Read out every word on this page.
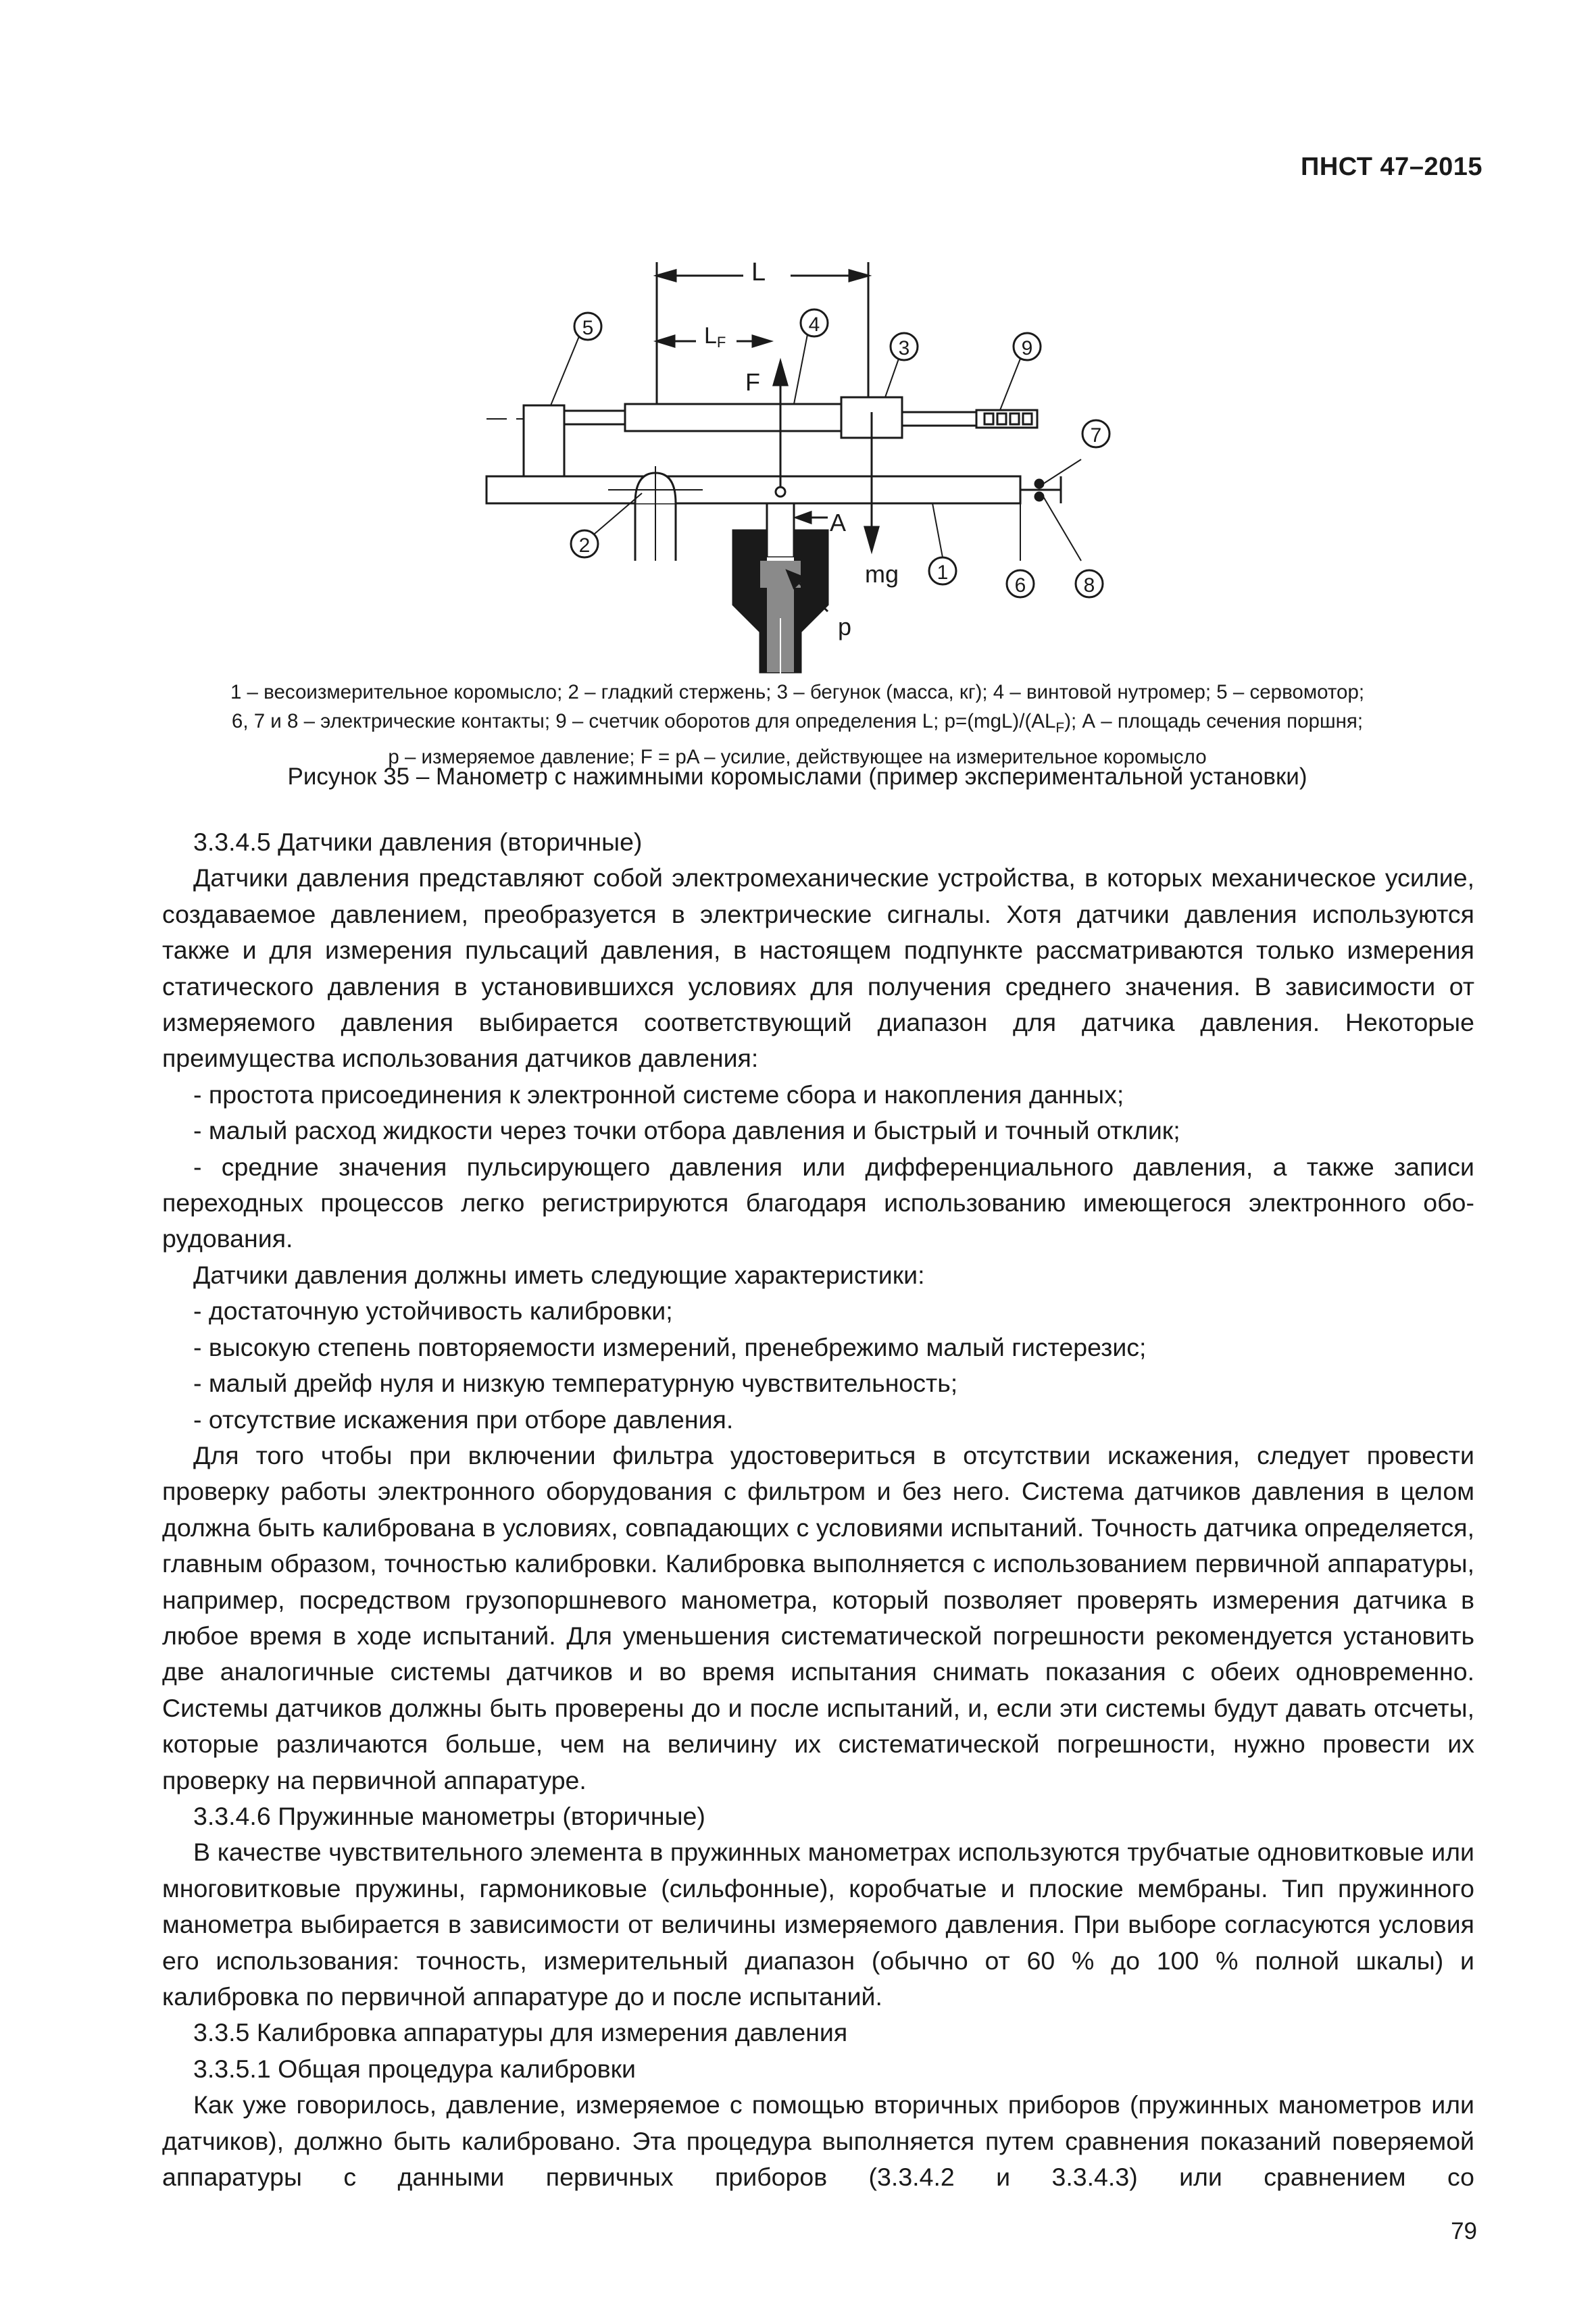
ПНСТ 47–2015
L
LF
A
F
mg
p
5	4
3	9
7
2
1
6	8
1 – весоизмерительное коромысло; 2 – гладкий стержень; 3 – бегунок (масса, кг); 4 – винтовой нутромер; 5 – сервомотор;
6, 7 и 8 – электрические контакты; 9 – счетчик оборотов для определения L; $p=(mgL)/(AL_F)$; А – площадь сечения поршня;
р – измеряемое давление; F = pA – усилие, действующее на измерительное коромысло
Рисунок 35 – Манометр с нажимными коромыслами (пример экспериментальной установки)

3.3.4.5 Датчики давления (вторичные)

Датчики давления представляют собой электромеханические устройства, в которых механическое усилие, создаваемое давлением, преобразуется в электрические сигналы. Хотя датчики давления используются также и для измерения пульсаций давления, в настоящем подпункте рассматриваются только измерения статического давления в установившихся условиях для получения среднего значения. В зависимости от измеряемого давления выбирается соответствующий диапазон для датчика давления. Некоторые преимущества использования датчиков давления:

- простота присоединения к электронной системе сбора и накопления данных;

- малый расход жидкости через точки отбора давления и быстрый и точный отклик;

- средние значения пульсирующего давления или дифференциального давления, а также записи переходных процессов легко регистрируются благодаря использованию имеющегося электронного оборудования.

Датчики давления должны иметь следующие характеристики:

- достаточную устойчивость калибровки;

- высокую степень повторяемости измерений, пренебрежимо малый гистерезис;

- малый дрейф нуля и низкую температурную чувствительность;

- отсутствие искажения при отборе давления.

Для того чтобы при включении фильтра удостовериться в отсутствии искажения, следует провести проверку работы электронного оборудования с фильтром и без него. Система датчиков давления в целом должна быть калибрована в условиях, совпадающих с условиями испытаний. Точность датчика определяется, главным образом, точностью калибровки. Калибровка выполняется с использованием первичной аппаратуры, например, посредством грузопоршневого манометра, который позволяет проверять измерения датчика в любое время в ходе испытаний. Для уменьшения систематической погрешности рекомендуется установить две аналогичные системы датчиков и во время испытания снимать показания с обеих одновременно. Системы датчиков должны быть проверены до и после испытаний, и, если эти системы будут давать отсчеты, которые различаются больше, чем на величину их систематической погрешности, нужно провести их проверку на первичной аппаратуре.

3.3.4.6 Пружинные манометры (вторичные)

В качестве чувствительного элемента в пружинных манометрах используются трубчатые одновитковые или многовитковые пружины, гармониковые (сильфонные), коробчатые и плоские мембраны. Тип пружинного манометра выбирается в зависимости от величины измеряемого давления. При выборе согласуются условия его использования: точность, измерительный диапазон (обычно от 60 % до 100 % полной шкалы) и калибровка по первичной аппаратуре до и после испытаний.

3.3.5 Калибровка аппаратуры для измерения давления

3.3.5.1 Общая процедура калибровки

Как уже говорилось, давление, измеряемое с помощью вторичных приборов (пружинных манометров или датчиков), должно быть калибровано. Эта процедура выполняется путем сравнения показаний поверяемой аппаратуры с данными первичных приборов (3.3.4.2 и 3.3.4.3) или сравнением со

79
